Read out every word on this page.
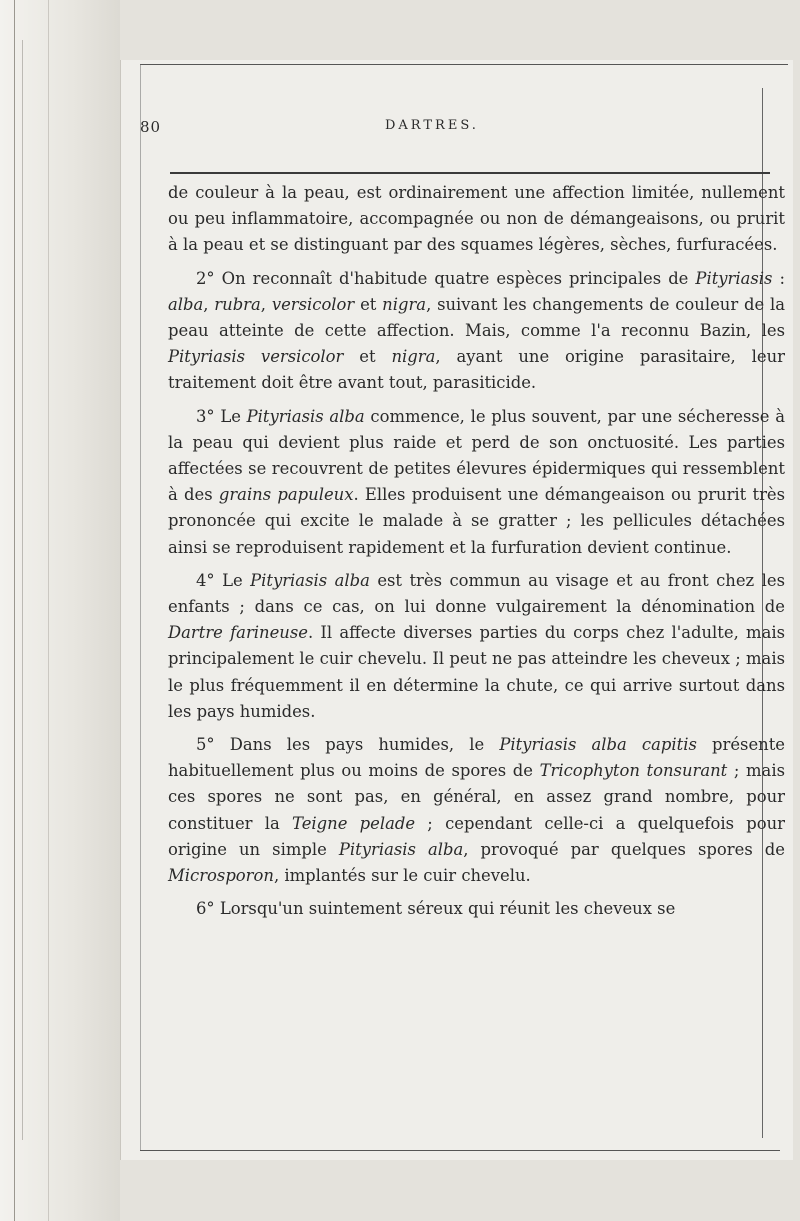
80	DARTRES.

de couleur à la peau, est ordinairement une affection limitée, nullement ou peu inflammatoire, accompagnée ou non de démangeaisons, ou prurit à la peau et se distinguant par des squames légères, sèches, furfuracées.

2° On reconnaît d'habitude quatre espèces principales de Pityriasis : alba, rubra, versicolor et nigra, suivant les changements de couleur de la peau atteinte de cette affection. Mais, comme l'a reconnu Bazin, les Pityriasis versicolor et nigra, ayant une origine parasitaire, leur traitement doit être avant tout, parasiticide.

3° Le Pityriasis alba commence, le plus souvent, par une sécheresse à la peau qui devient plus raide et perd de son onctuosité. Les parties affectées se recouvrent de petites élevures épidermiques qui ressemblent à des grains papuleux. Elles produisent une démangeaison ou prurit très prononcée qui excite le malade à se gratter ; les pellicules détachées ainsi se reproduisent rapidement et la furfuration devient continue.

4° Le Pityriasis alba est très commun au visage et au front chez les enfants ; dans ce cas, on lui donne vulgairement la dénomination de Dartre farineuse. Il affecte diverses parties du corps chez l'adulte, mais principalement le cuir chevelu. Il peut ne pas atteindre les cheveux ; mais le plus fréquemment il en détermine la chute, ce qui arrive surtout dans les pays humides.

5° Dans les pays humides, le Pityriasis alba capitis présente habituellement plus ou moins de spores de Tricophyton tonsurant ; mais ces spores ne sont pas, en général, en assez grand nombre, pour constituer la Teigne pelade ; cependant celle-ci a quelquefois pour origine un simple Pityriasis alba, provoqué par quelques spores de Microsporon, implantés sur le cuir chevelu.

6° Lorsqu'un suintement séreux qui réunit les cheveux se
